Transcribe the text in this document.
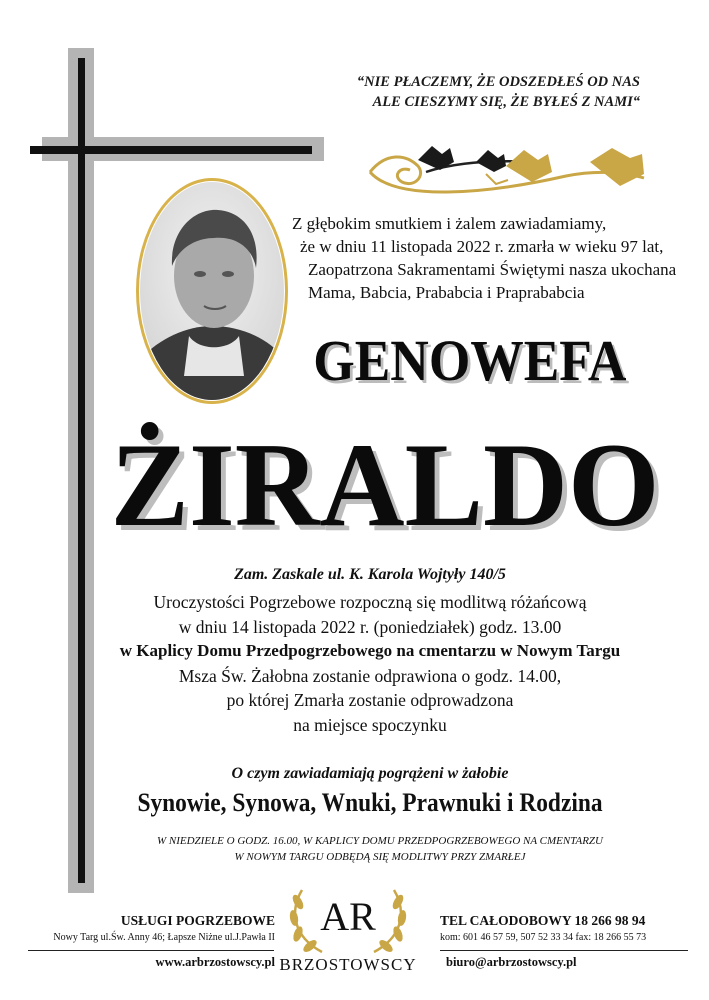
“NIE PŁACZEMY, ŻE ODSZEDŁEŚ OD NAS
ALE CIESZYMY SIĘ, ŻE BYŁEŚ Z NAMI“
Z głębokim smutkiem i żalem zawiadamiamy,
że w dniu 11 listopada 2022 r. zmarła w wieku 97 lat,
Zaopatrzona Sakramentami Świętymi nasza ukochana
Mama, Babcia, Prababcia i Praprababcia
GENOWEFA
ŻIRALDO
Zam. Zaskale ul. K. Karola Wojtyły 140/5
Uroczystości Pogrzebowe rozpoczną się modlitwą różańcową
w dniu 14 listopada 2022 r. (poniedziałek) godz. 13.00
w Kaplicy Domu Przedpogrzebowego na cmentarzu w Nowym Targu
Msza Św. Żałobna zostanie odprawiona o godz. 14.00,
po której Zmarła zostanie odprowadzona
na miejsce spoczynku
O czym zawiadamiają pogrążeni w żałobie
Synowie, Synowa, Wnuki, Prawnuki i Rodzina
W NIEDZIELE O GODZ. 16.00, W KAPLICY DOMU PRZEDPOGRZEBOWEGO NA CMENTARZU
W NOWYM TARGU ODBĘDĄ SIĘ MODLITWY PRZY ZMARŁEJ
USŁUGI POGRZEBOWE
Nowy Targ ul.Św. Anny 46; Łapsze Niżne ul.J.Pawła II
www.arbrzostowscy.pl
AR
BRZOSTOWSCY
TEL CAŁODOBOWY 18 266 98 94
kom: 601 46 57 59, 507 52 33 34 fax: 18 266 55 73
biuro@arbrzostowscy.pl
